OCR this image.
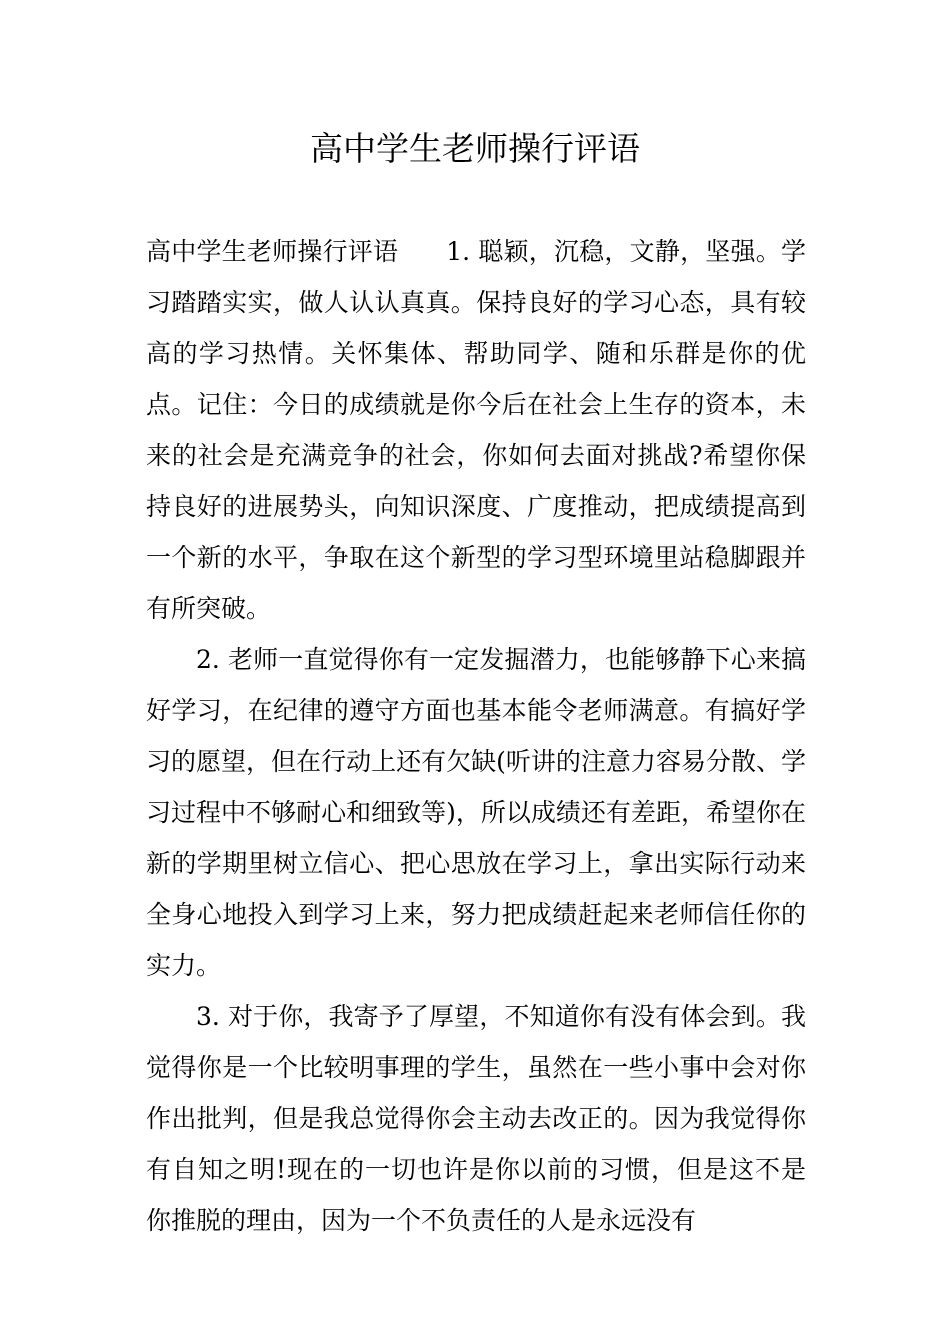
高中学生老师操行评语

高中学生老师操行评语 1. 聪颖，沉稳，文静，坚强。学习踏踏实实，做人认认真真。保持良好的学习心态，具有较高的学习热情。关怀集体、帮助同学、随和乐群是你的优点。记住：今日的成绩就是你今后在社会上生存的资本，未来的社会是充满竞争的社会，你如何去面对挑战?希望你保持良好的进展势头，向知识深度、广度推动，把成绩提高到一个新的水平，争取在这个新型的学习型环境里站稳脚跟并有所突破。

2. 老师一直觉得你有一定发掘潜力，也能够静下心来搞好学习，在纪律的遵守方面也基本能令老师满意。有搞好学习的愿望，但在行动上还有欠缺(听讲的注意力容易分散、学习过程中不够耐心和细致等)，所以成绩还有差距，希望你在新的学期里树立信心、把心思放在学习上，拿出实际行动来全身心地投入到学习上来，努力把成绩赶起来老师信任你的实力。

3. 对于你，我寄予了厚望，不知道你有没有体会到。我觉得你是一个比较明事理的学生，虽然在一些小事中会对你作出批判，但是我总觉得你会主动去改正的。因为我觉得你有自知之明!现在的一切也许是你以前的习惯，但是这不是你推脱的理由，因为一个不负责任的人是永远没有
